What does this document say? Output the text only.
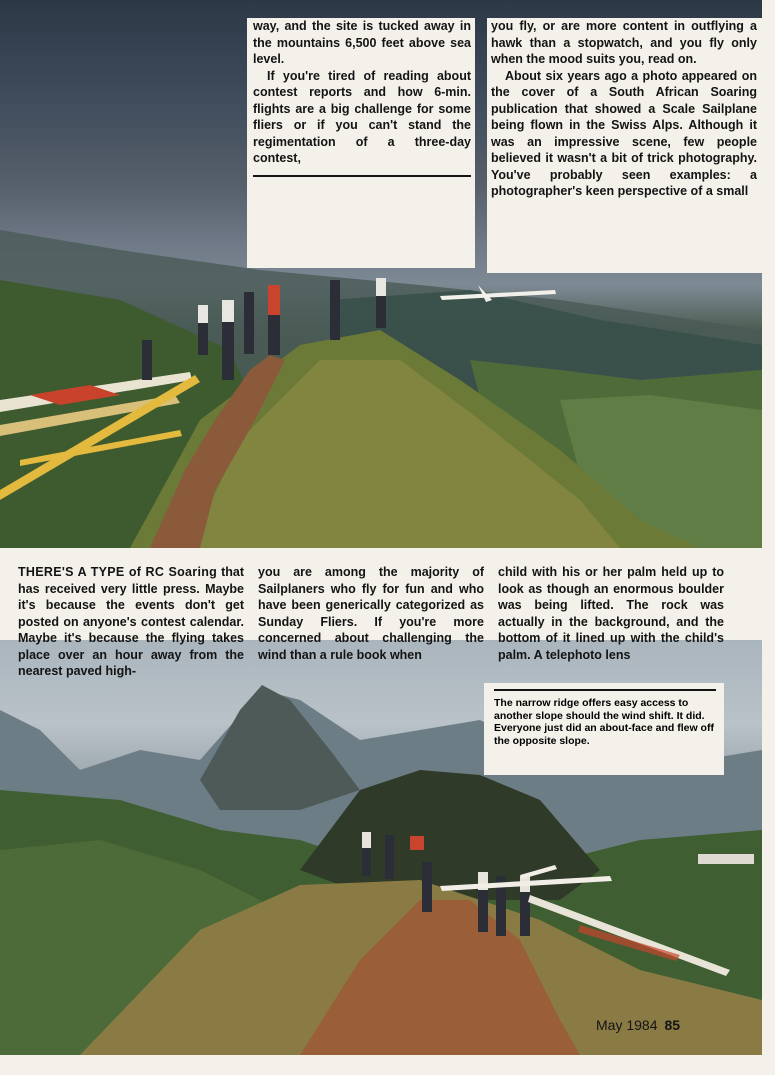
way, and the site is tucked away in the mountains 6,500 feet above sea level.

If you're tired of reading about contest reports and how 6-min. flights are a big challenge for some fliers or if you can't stand the regimentation of a three-day contest,

you fly, or are more content in outflying a hawk than a stopwatch, and you fly only when the mood suits you, read on.

About six years ago a photo appeared on the cover of a South African Soaring publication that showed a Scale Sailplane being flown in the Swiss Alps. Although it was an impressive scene, few people believed it wasn't a bit of trick photography. You've probably seen examples: a photographer's keen perspective of a small

THERE'S A TYPE of RC Soaring that has received very little press. Maybe it's because the events don't get posted on anyone's contest calendar. Maybe it's because the flying takes place over an hour away from the nearest paved high-
you are among the majority of Sailplaners who fly for fun and who have been generically categorized as Sunday Fliers. If you're more concerned about challenging the wind than a rule book when
child with his or her palm held up to look as though an enormous boulder was being lifted. The rock was actually in the background, and the bottom of it lined up with the child's palm. A telephoto lens
The narrow ridge offers easy access to another slope should the wind shift. It did. Everyone just did an about-face and flew off the opposite slope.
May 1984 85
